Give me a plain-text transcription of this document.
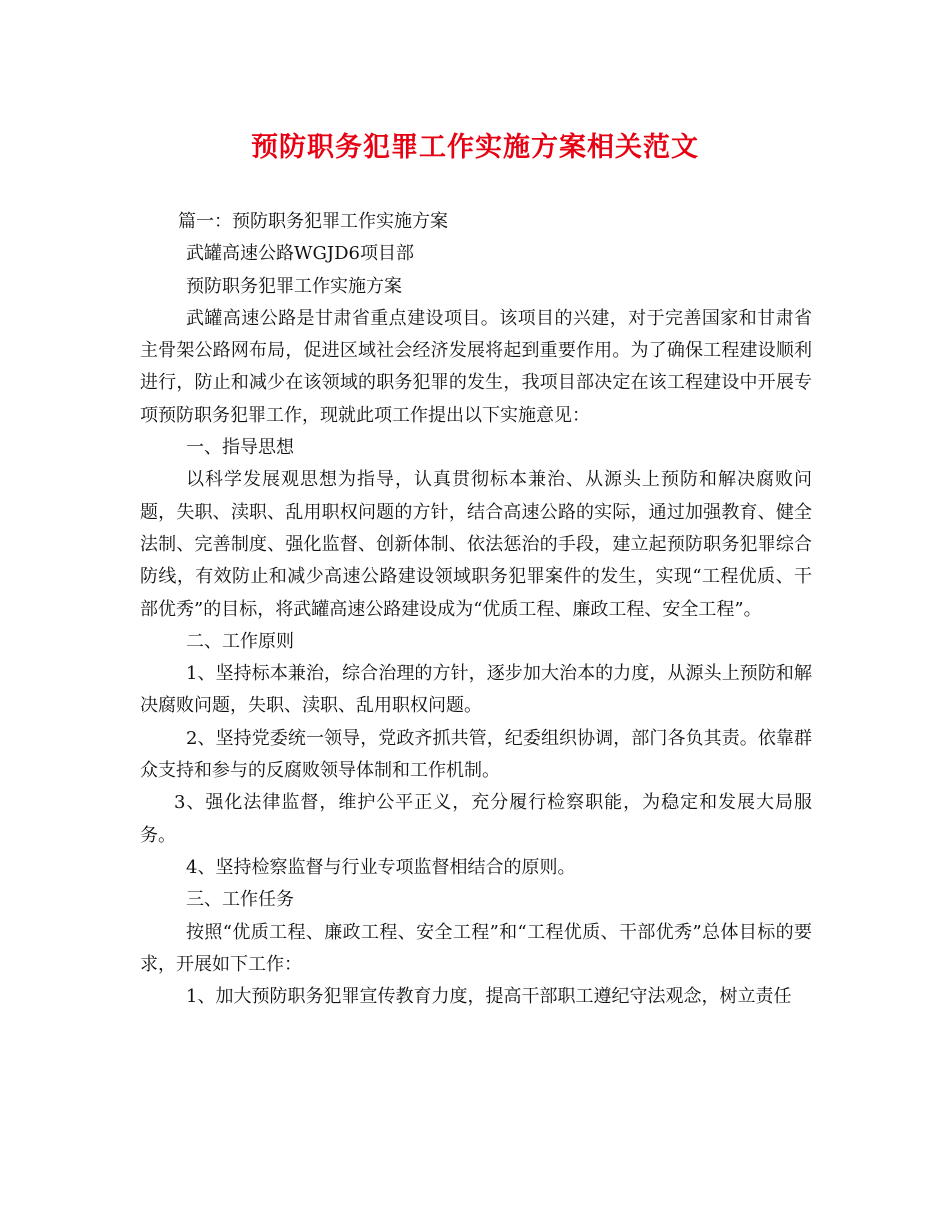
预防职务犯罪工作实施方案相关范文

篇一：预防职务犯罪工作实施方案

武罐高速公路WGJD6项目部

预防职务犯罪工作实施方案

武罐高速公路是甘肃省重点建设项目。该项目的兴建，对于完善国家和甘肃省主骨架公路网布局，促进区域社会经济发展将起到重要作用。为了确保工程建设顺利进行，防止和减少在该领域的职务犯罪的发生，我项目部决定在该工程建设中开展专项预防职务犯罪工作，现就此项工作提出以下实施意见：

一、指导思想

以科学发展观思想为指导，认真贯彻标本兼治、从源头上预防和解决腐败问题，失职、渎职、乱用职权问题的方针，结合高速公路的实际，通过加强教育、健全法制、完善制度、强化监督、创新体制、依法惩治的手段，建立起预防职务犯罪综合防线，有效防止和减少高速公路建设领域职务犯罪案件的发生，实现“工程优质、干部优秀”的目标，将武罐高速公路建设成为“优质工程、廉政工程、安全工程”。

二、工作原则

1、坚持标本兼治，综合治理的方针，逐步加大治本的力度，从源头上预防和解决腐败问题，失职、渎职、乱用职权问题。

2、坚持党委统一领导，党政齐抓共管，纪委组织协调，部门各负其责。依靠群众支持和参与的反腐败领导体制和工作机制。

3、强化法律监督，维护公平正义，充分履行检察职能，为稳定和发展大局服务。

4、坚持检察监督与行业专项监督相结合的原则。

三、工作任务

按照“优质工程、廉政工程、安全工程”和“工程优质、干部优秀”总体目标的要求，开展如下工作：

1、加大预防职务犯罪宣传教育力度，提高干部职工遵纪守法观念，树立责任
